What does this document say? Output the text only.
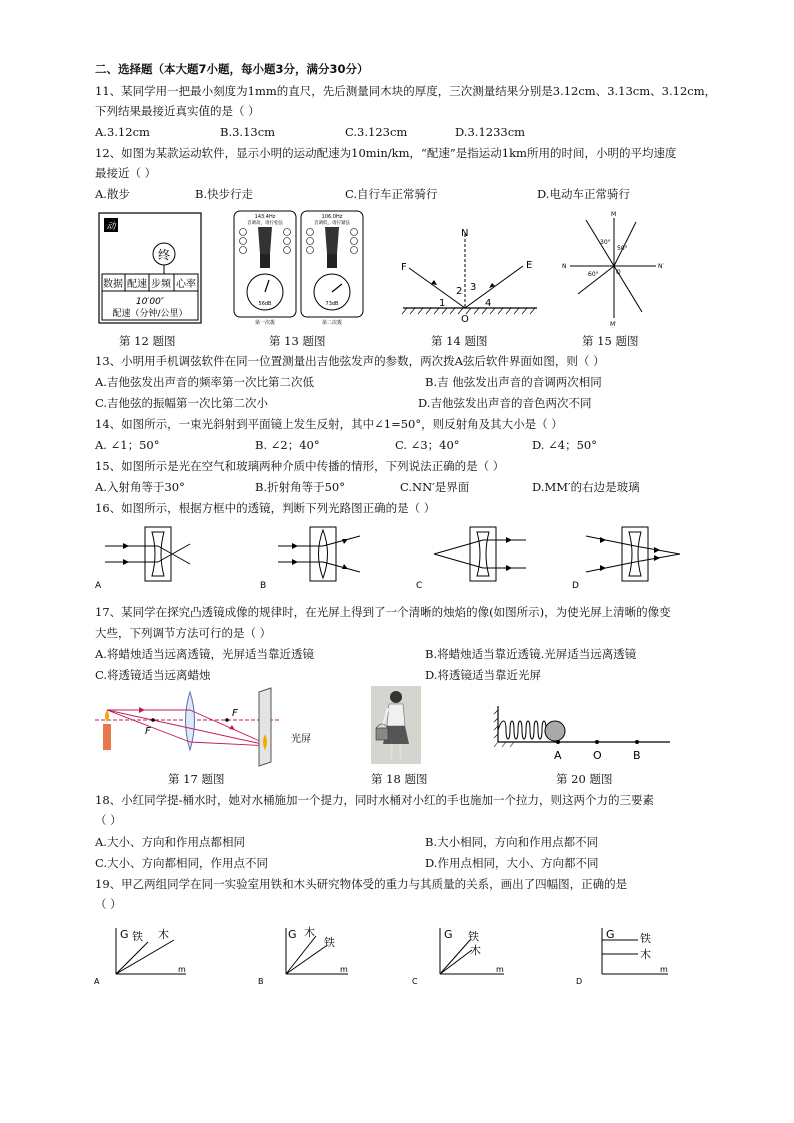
二、选择题（本大题7小题，每小题3分，满分30分）
11、某同学用一把最小刻度为1mm的直尺，先后测量同木块的厚度，三次测量结果分别是3.12cm、3.13cm、3.12cm，
下列结果最接近真实值的是（ ）
A.3.12cm	B.3.13cm	C.3.123cm	D.3.1233cm
12、如图为某款运动软件，显示小明的运动配速为10min/km，“配速”是指运动1km所用的时间，小明的平均速度
最接近（ ）
A.散步	B.快步行走	C.自行车正常骑行	D.电动车正常骑行
动
终
数据 配速 步频 心率
10′00″
配速（分钟/公里）
143.4Hz
音调高，请拧松弦
56dB
第一次拨
106.0Hz
音调低，请拧紧弦
73dB
第二次拨
N
F	E
O
1
2 3
4
M
M′
N	N′
O
30°
50°
60°
第 12 题图	第 13 题图	第 14 题图	第 15 题图
13、小明用手机调弦软件在同一位置测量出吉他弦发声的参数，两次拨A弦后软件界面如图，则（ ）
A.吉他弦发出声音的频率第一次比第二次低	B.吉 他弦发出声音的音调两次相同
C.吉他弦的振幅第一次比第二次小	D.吉他弦发出声音的音色两次不同
14、如图所示，一束光斜射到平面镜上发生反射，其中∠1=50°，则反射角及其大小是（ ）
A. ∠1；50°	B. ∠2；40°	C. ∠3；40°	D. ∠4；50°
15、如图所示是光在空气和玻璃两种介质中传播的情形，下列说法正确的是（ ）
A.入射角等于30°	B.折射角等于50°	C.NN′是界面	D.MM′的右边是玻璃
16、如图所示，根据方框中的透镜，判断下列光路图正确的是（ ）
A	B	C	D
17、某同学在探究凸透镜成像的规律时，在光屏上得到了一个清晰的烛焰的像(如图所示)，为使光屏上清晰的像变
大些，下列调节方法可行的是（ ）
A.将蜡烛适当远离透镜，光屏适当靠近透镜	B.将蜡烛适当靠近透镜.光屏适当远离透镜
C.将透镜适当远离蜡烛	D.将透镜适当靠近光屏
F
F
光屏
A	O	B
第 17 题图	第 18 题图	第 20 题图
18、小红同学提-桶水时，她对水桶施加一个提力，同时水桶对小红的手也施加一个拉力，则这两个力的三要素
（ ）
A.大小、方向和作用点都相同	B.大小相同，方向和作用点都不同
C.大小、方向都相同，作用点不同	D.作用点相同，大小、方向都不同
19、甲乙两组同学在同一实验室用铁和木头研究物体受的重力与其质量的关系，画出了四幅图，正确的是
（ ）
G
m
铁 木
A
G
m
木
铁
B
G
m
铁
木
C
G
m
铁
木
D
